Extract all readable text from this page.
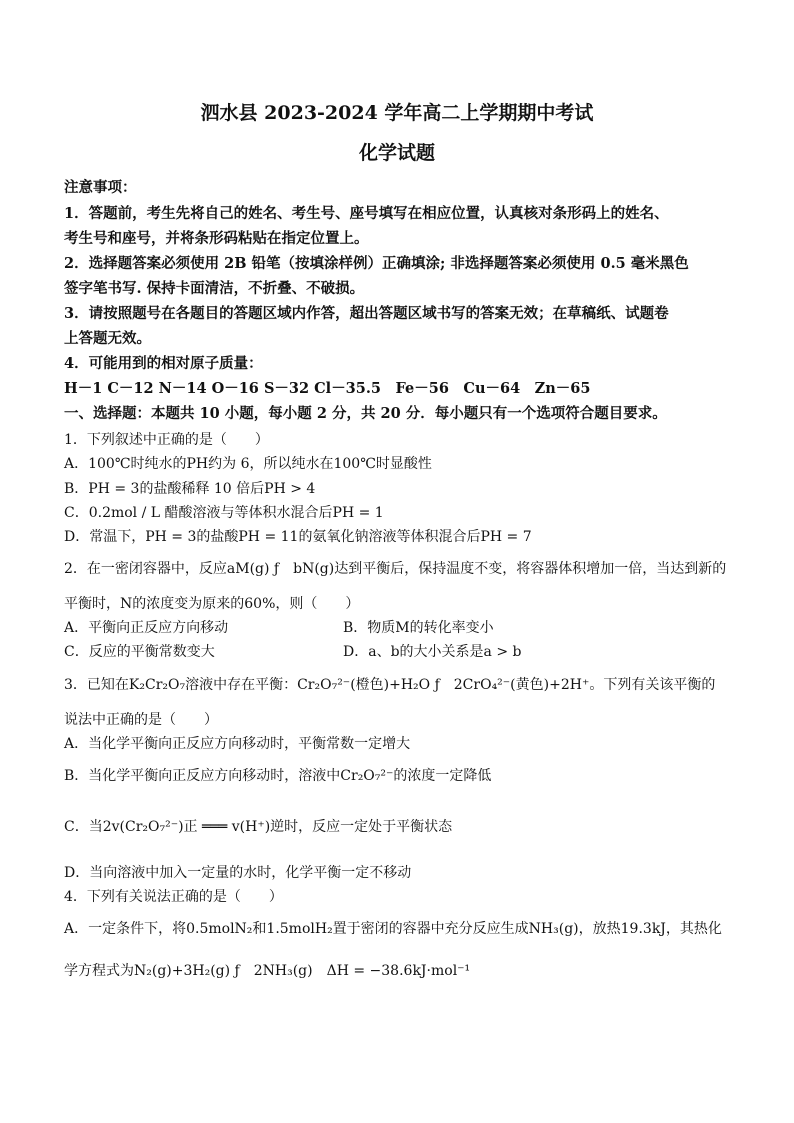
泗水县 2023-2024 学年高二上学期期中考试
化学试题
注意事项：
1．答题前，考生先将自己的姓名、考生号、座号填写在相应位置，认真核对条形码上的姓名、
考生号和座号，并将条形码粘贴在指定位置上。
2．选择题答案必须使用 2B 铅笔（按填涂样例）正确填涂; 非选择题答案必须使用 0.5 毫米黑色
签字笔书写. 保持卡面清洁，不折叠、不破损。
3．请按照题号在各题目的答题区域内作答，超出答题区域书写的答案无效；在草稿纸、试题卷
上答题无效。
4．可能用到的相对原子质量：
H－1 C－12 N－14 O－16 S－32 Cl－35.5　Fe－56　Cu－64　Zn－65
一、选择题：本题共 10 小题，每小题 2 分，共 20 分．每小题只有一个选项符合题目要求。
1．下列叙述中正确的是（　　）
A．100℃时纯水的PH约为 6，所以纯水在100℃时显酸性
B．PH = 3的盐酸稀释 10 倍后PH > 4
C．0.2mol / L 醋酸溶液与等体积水混合后PH = 1
D．常温下，PH = 3的盐酸PH = 11的氨氧化钠溶液等体积混合后PH = 7
2．在一密闭容器中，反应aM(g) ƒ　bN(g)达到平衡后，保持温度不变，将容器体积增加一倍，当达到新的
平衡时，N的浓度变为原来的60%，则（　　）
A．平衡向正反应方向移动	B．物质M的转化率变小
C．反应的平衡常数变大	D．a、b的大小关系是a > b
3．已知在K₂Cr₂O₇溶液中存在平衡：Cr₂O₇²⁻(橙色)+H₂O ƒ　2CrO₄²⁻(黄色)+2H⁺。下列有关该平衡的
说法中正确的是（　　）
A．当化学平衡向正反应方向移动时，平衡常数一定增大
B．当化学平衡向正反应方向移动时，溶液中Cr₂O₇²⁻的浓度一定降低
C．当2v(Cr₂O₇²⁻)正 ═══ v(H⁺)逆时，反应一定处于平衡状态
D．当向溶液中加入一定量的水时，化学平衡一定不移动
4．下列有关说法正确的是（　　）
A．一定条件下，将0.5molN₂和1.5molH₂置于密闭的容器中充分反应生成NH₃(g)，放热19.3kJ，其热化
学方程式为N₂(g)+3H₂(g) ƒ　2NH₃(g)　ΔH = −38.6kJ·mol⁻¹
